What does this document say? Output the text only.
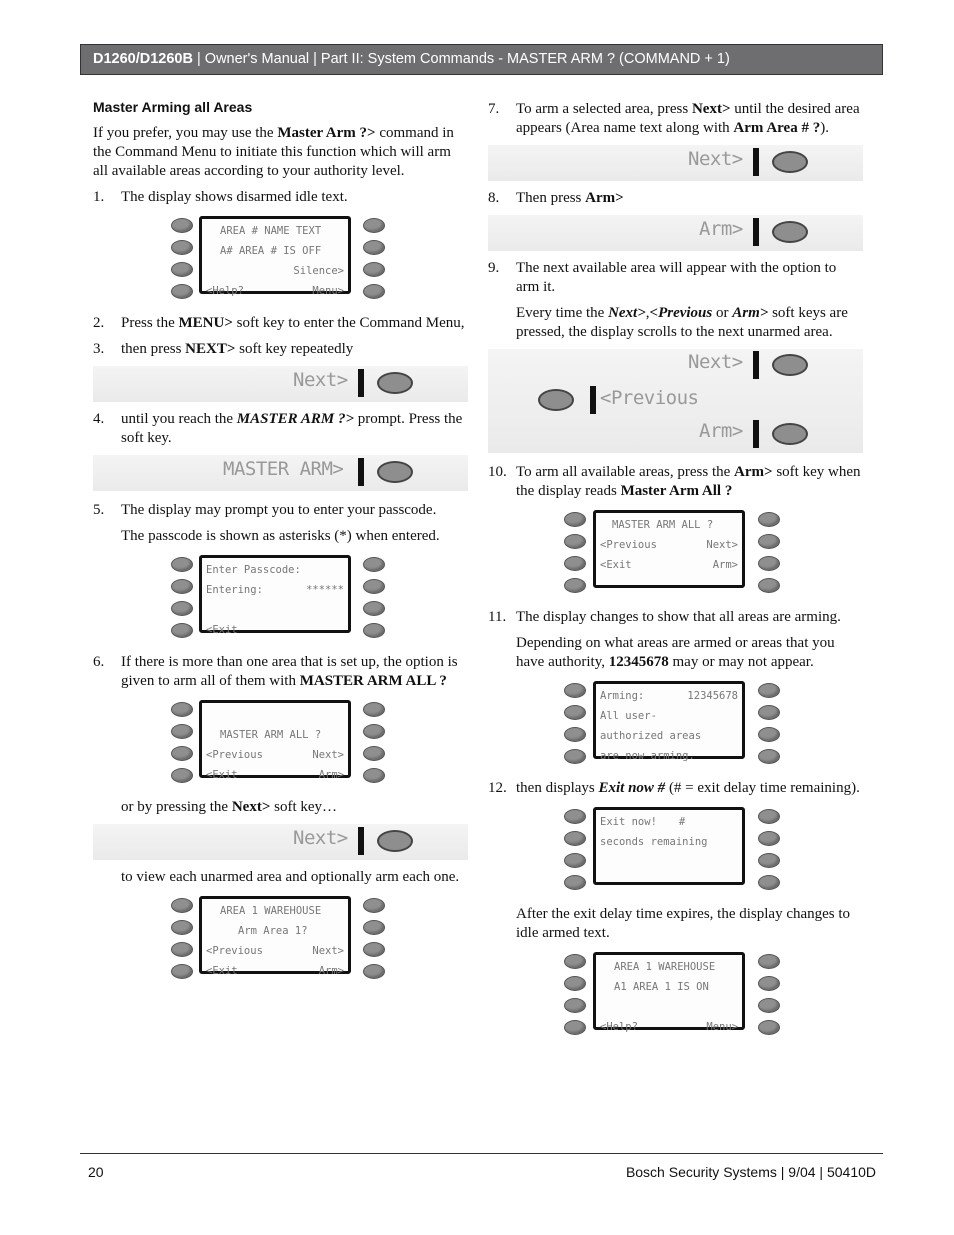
D1260/D1260B | Owner's Manual | Part II: System Commands - MASTER ARM ? (COMMAND + 1)
Master Arming all Areas

If you prefer, you may use the Master Arm ?> command in the Command Menu to initiate this function which will arm all available areas according to your authority level.

1. The display shows disarmed idle text.
AREA # NAME TEXT
A# AREA # IS OFF
Silence>
<Help?	Menu>
2. Press the MENU> soft key to enter the Command Menu,
3. then press NEXT> soft key repeatedly
Next>
4. until you reach the MASTER ARM ?> prompt. Press the soft key.
MASTER ARM>
5. The display may prompt you to enter your passcode.
The passcode is shown as asterisks (*) when entered.
Enter Passcode:
Entering:	******
<Exit
6. If there is more than one area that is set up, the option is given to arm all of them with MASTER ARM ALL ?
MASTER ARM ALL ?
<Previous	Next>
<Exit	Arm>
or by pressing the Next> soft key…
Next>
to view each unarmed area and optionally arm each one.
AREA 1 WAREHOUSE
Arm Area 1?
<Previous	Next>
<Exit	Arm>
7. To arm a selected area, press Next> until the desired area appears (Area name text along with Arm Area # ?).
Next>
8. Then press Arm>
Arm>
9. The next available area will appear with the option to arm it.
Every time the Next>,<Previous or Arm> soft keys are pressed, the display scrolls to the next unarmed area.
Next>
<Previous
Arm>
10. To arm all available areas, press the Arm> soft key when the display reads Master Arm All ?
MASTER ARM ALL ?
<Previous	Next>
<Exit	Arm>
11. The display changes to show that all areas are arming.
Depending on what areas are armed or areas that you have authority, 12345678 may or may not appear.
Arming:	12345678
All user-
authorized areas
are now arming.
12. then displays Exit now # (# = exit delay time remaining).
Exit now! #
seconds remaining
After the exit delay time expires, the display changes to idle armed text.
AREA 1 WAREHOUSE
A1 AREA 1 IS ON
<Help?	Menu>
20	Bosch Security Systems | 9/04 | 50410D
